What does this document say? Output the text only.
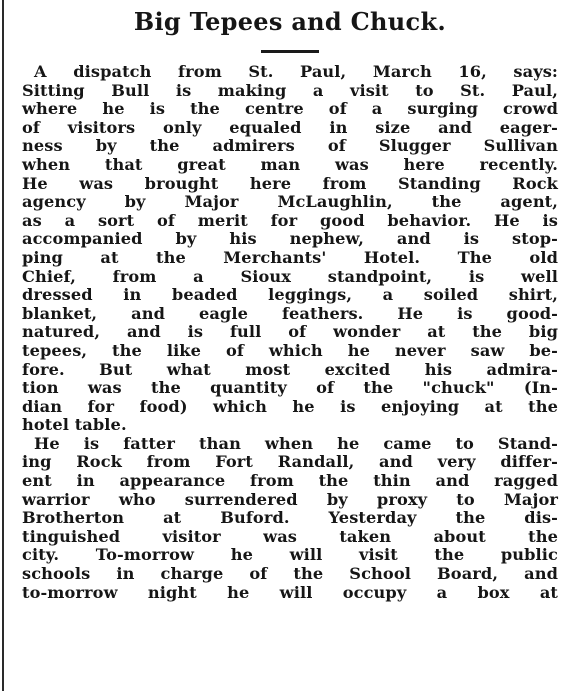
Big Tepees and Chuck.
A dispatch from St. Paul, March 16, says:
Sitting Bull is making a visit to St. Paul,
where he is the centre of a surging crowd
of visitors only equaled in size and eager-
ness by the admirers of Slugger Sullivan
when that great man was here recently.
He was brought here from Standing Rock
agency by Major McLaughlin, the agent,
as a sort of merit for good behavior. He is
accompanied by his nephew, and is stop-
ping at the Merchants' Hotel. The old
Chief, from a Sioux standpoint, is well
dressed in beaded leggings, a soiled shirt,
blanket, and eagle feathers. He is good-
natured, and is full of wonder at the big
tepees, the like of which he never saw be-
fore. But what most excited his admira-
tion was the quantity of the "chuck" (In-
dian for food) which he is enjoying at the
hotel table.
He is fatter than when he came to Stand-
ing Rock from Fort Randall, and very differ-
ent in appearance from the thin and ragged
warrior who surrendered by proxy to Major
Brotherton at Buford. Yesterday the dis-
tinguished visitor was taken about the
city. To-morrow he will visit the public
schools in charge of the School Board, and
to-morrow night he will occupy a box at
